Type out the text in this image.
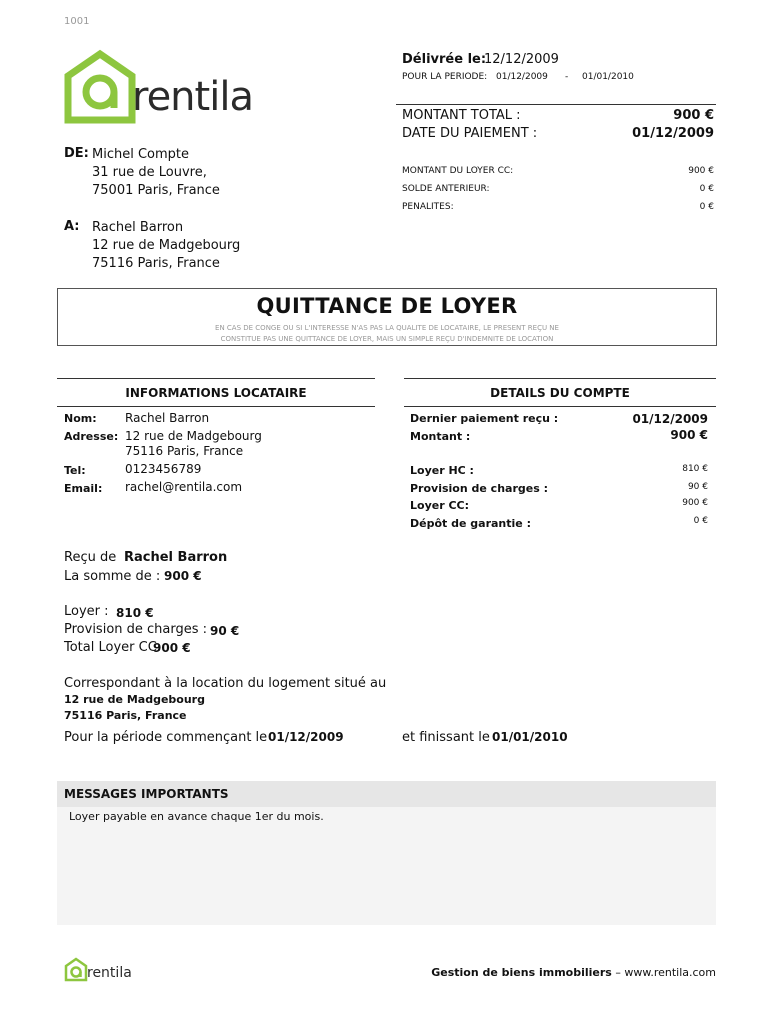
1001
rentila
Délivrée le:
12/12/2009
POUR LA PERIODE: 01/12/2009 - 01/01/2010
MONTANT TOTAL :	900 €
DATE DU PAIEMENT :	01/12/2009
MONTANT DU LOYER CC:	900 €
SOLDE ANTERIEUR:	0 €
PENALITES:	0 €
DE: Michel Compte
31 rue de Louvre,
75001 Paris, France
A: Rachel Barron
12 rue de Madgebourg
75116 Paris, France
QUITTANCE DE LOYER
EN CAS DE CONGE OU SI L'INTERESSE N'AS PAS LA QUALITE DE LOCATAIRE, LE PRESENT REÇU NE
CONSTITUE PAS UNE QUITTANCE DE LOYER, MAIS UN SIMPLE REÇU D'INDEMNITE DE LOCATION
INFORMATIONS LOCATAIRE
Nom: Rachel Barron
Adresse: 12 rue de Madgebourg
75116 Paris, France
Tel:	0123456789
Email: rachel@rentila.com
DETAILS DU COMPTE
Dernier paiement reçu :	01/12/2009
Montant :	900 €
Loyer HC :	810 €
Provision de charges :	90 €
Loyer CC:	900 €
Dépôt de garantie :	0 €
Reçu de Rachel Barron
La somme de : 900 €
Loyer : 810 €
Provision de charges : 90 €
Total Loyer CC:
900 €
Correspondant à la location du logement situé au
12 rue de Madgebourg
75116 Paris, France
Pour la période commençant le 01/12/2009	et finissant le 01/01/2010
MESSAGES IMPORTANTS
Loyer payable en avance chaque 1er du mois.
rentila	Gestion de biens immobiliers – www.rentila.com
